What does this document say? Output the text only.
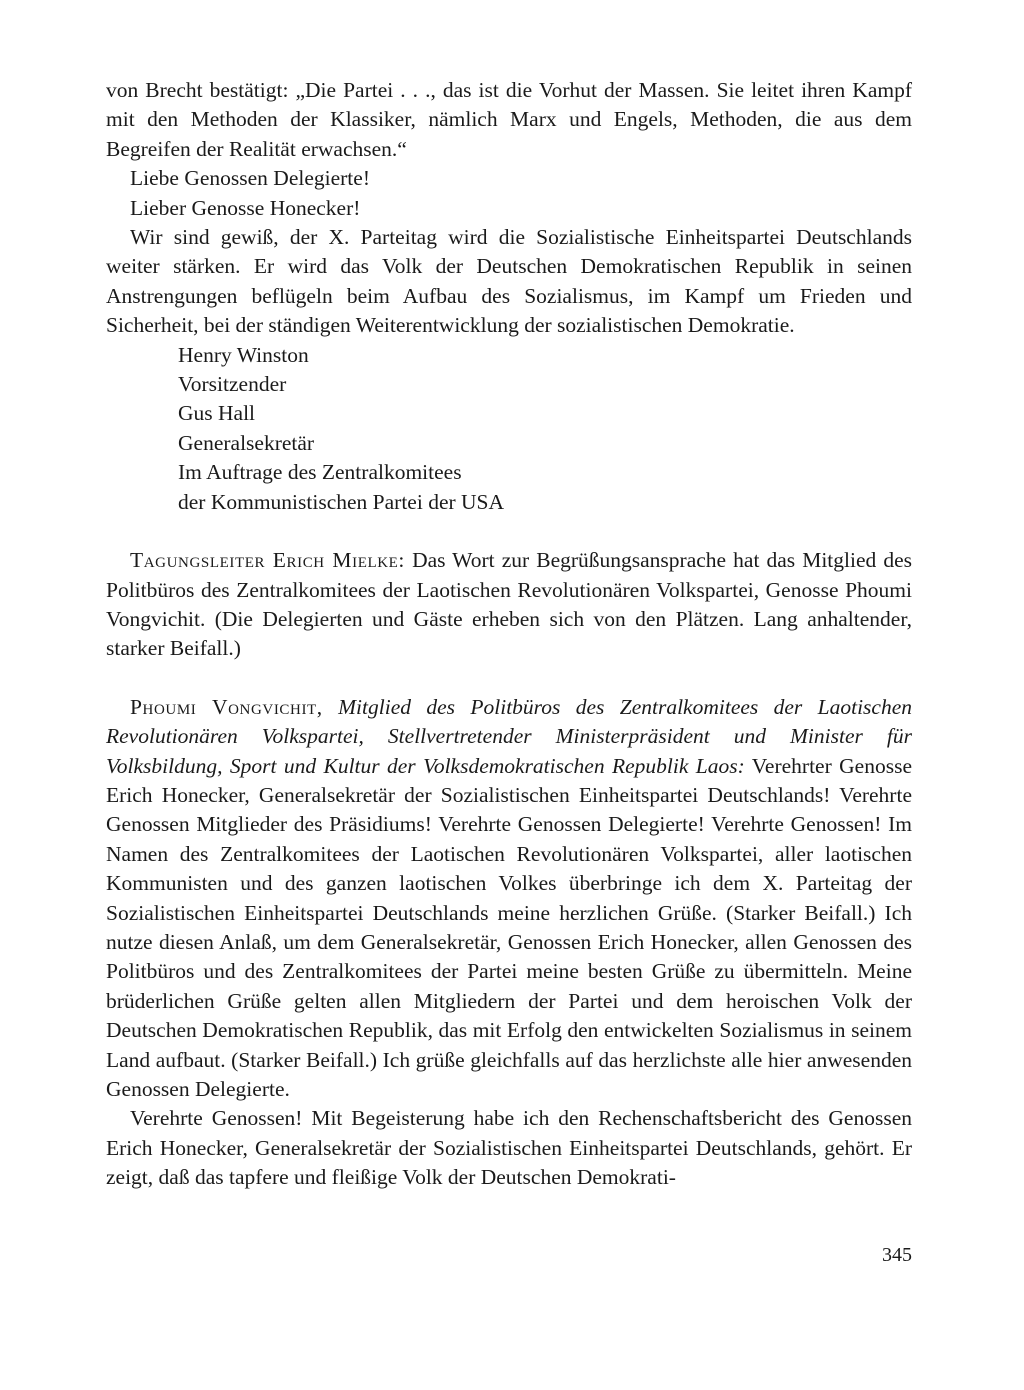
von Brecht bestätigt: „Die Partei . . ., das ist die Vorhut der Massen. Sie leitet ihren Kampf mit den Methoden der Klassiker, nämlich Marx und Engels, Methoden, die aus dem Begreifen der Realität erwachsen.“

Liebe Genossen Delegierte!

Lieber Genosse Honecker!

Wir sind gewiß, der X. Parteitag wird die Sozialistische Einheitspartei Deutschlands weiter stärken. Er wird das Volk der Deutschen Demokratischen Republik in seinen Anstrengungen beflügeln beim Aufbau des Sozialismus, im Kampf um Frieden und Sicherheit, bei der ständigen Weiterentwicklung der sozialistischen Demokratie.

Henry Winston
Vorsitzender
Gus Hall
Generalsekretär
Im Auftrage des Zentralkomitees
der Kommunistischen Partei der USA

Tagungsleiter Erich Mielke: Das Wort zur Begrüßungsansprache hat das Mitglied des Politbüros des Zentralkomitees der Laotischen Revolutionären Volkspartei, Genosse Phoumi Vongvichit. (Die Delegierten und Gäste erheben sich von den Plätzen. Lang anhaltender, starker Beifall.)

Phoumi Vongvichit, Mitglied des Politbüros des Zentralkomitees der Laotischen Revolutionären Volkspartei, Stellvertretender Ministerpräsident und Minister für Volksbildung, Sport und Kultur der Volksdemokratischen Republik Laos: Verehrter Genosse Erich Honecker, Generalsekretär der Sozialistischen Einheitspartei Deutschlands! Verehrte Genossen Mitglieder des Präsidiums! Verehrte Genossen Delegierte! Verehrte Genossen! Im Namen des Zentralkomitees der Laotischen Revolutionären Volkspartei, aller laotischen Kommunisten und des ganzen laotischen Volkes überbringe ich dem X. Parteitag der Sozialistischen Einheitspartei Deutschlands meine herzlichen Grüße. (Starker Beifall.) Ich nutze diesen Anlaß, um dem Generalsekretär, Genossen Erich Honecker, allen Genossen des Politbüros und des Zentralkomitees der Partei meine besten Grüße zu übermitteln. Meine brüderlichen Grüße gelten allen Mitgliedern der Partei und dem heroischen Volk der Deutschen Demokratischen Republik, das mit Erfolg den entwickelten Sozialismus in seinem Land aufbaut. (Starker Beifall.) Ich grüße gleichfalls auf das herzlichste alle hier anwesenden Genossen Delegierte.

Verehrte Genossen! Mit Begeisterung habe ich den Rechenschaftsbericht des Genossen Erich Honecker, Generalsekretär der Sozialistischen Einheitspartei Deutschlands, gehört. Er zeigt, daß das tapfere und fleißige Volk der Deutschen Demokrati-

345
